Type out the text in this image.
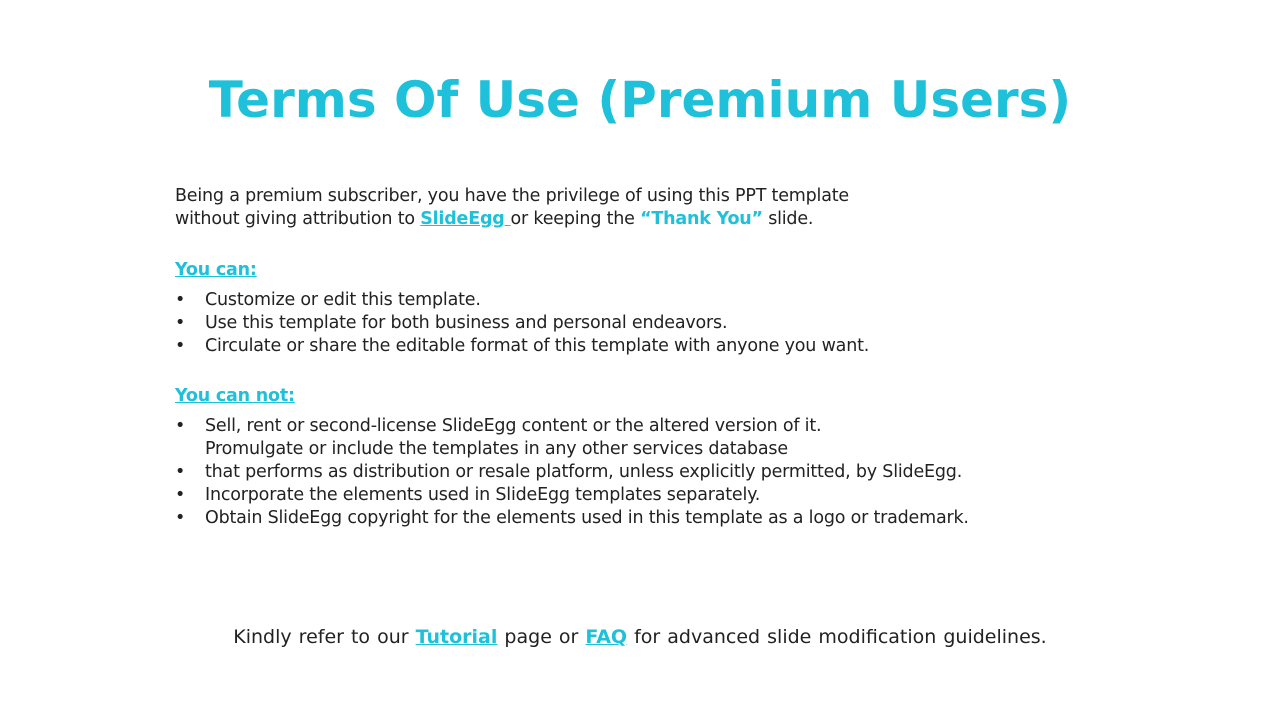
Terms Of Use (Premium Users)

Being a premium subscriber, you have the privilege of using this PPT template

without giving attribution to SlideEgg or keeping the “Thank You” slide.

You can:

• Customize or edit this template.
• Use this template for both business and personal endeavors.
• Circulate or share the editable format of this template with anyone you want.

You can not:

• Sell, rent or second-license SlideEgg content or the altered version of it.
Promulgate or include the templates in any other services database
• that performs as distribution or resale platform, unless explicitly permitted, by SlideEgg.
• Incorporate the elements used in SlideEgg templates separately.
• Obtain SlideEgg copyright for the elements used in this template as a logo or trademark.
Kindly refer to our Tutorial page or FAQ for advanced slide modification guidelines.
